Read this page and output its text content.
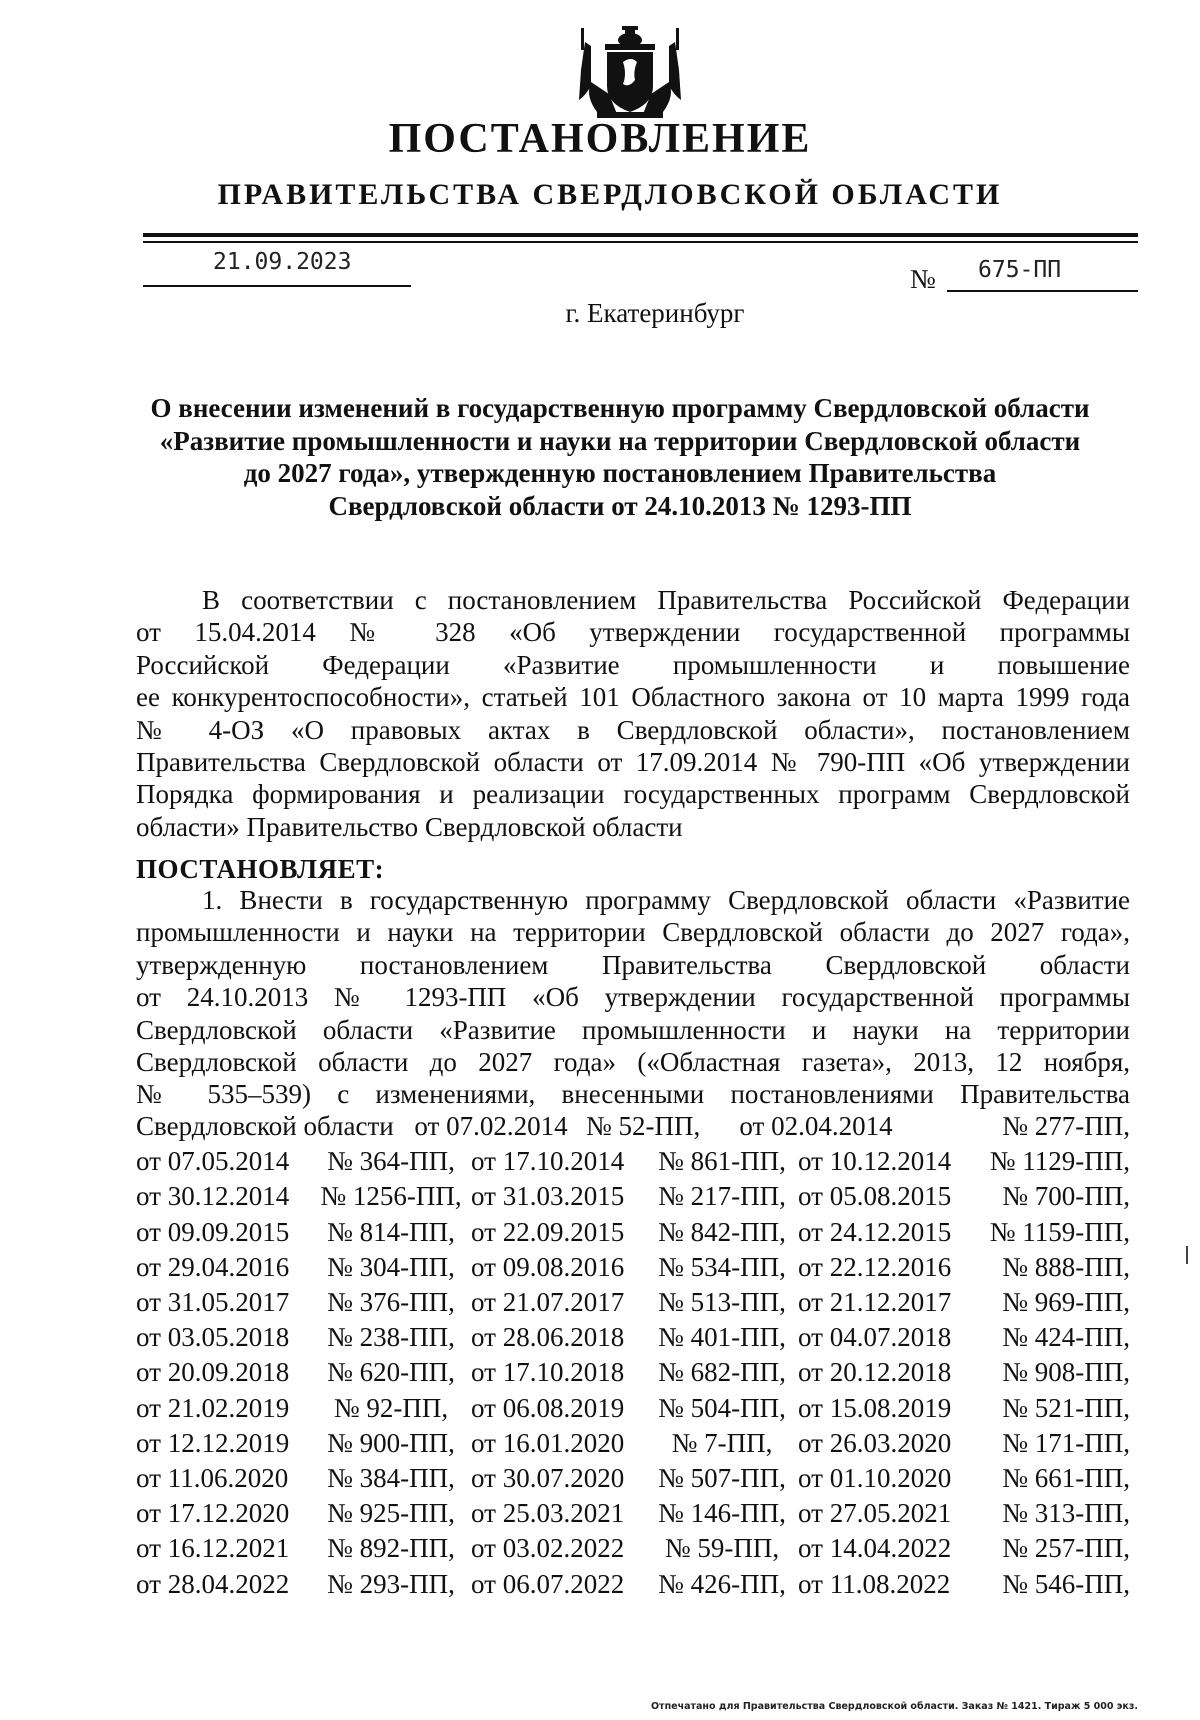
ПОСТАНОВЛЕНИЕ
ПРАВИТЕЛЬСТВА СВЕРДЛОВСКОЙ ОБЛАСТИ
21.09.2023
№ 675-ПП
г. Екатеринбург
О внесении изменений в государственную программу Свердловской области
«Развитие промышленности и науки на территории Свердловской области
до 2027 года», утвержденную постановлением Правительства
Свердловской области от 24.10.2013 № 1293-ПП

В соответствии с постановлением Правительства Российской Федерации

от 15.04.2014 № 328 «Об утверждении государственной программы

Российской Федерации «Развитие промышленности и повышение

ее конкурентоспособности», статьей 101 Областного закона от 10 марта 1999 года

№ 4-ОЗ «О правовых актах в Свердловской области», постановлением

Правительства Свердловской области от 17.09.2014 № 790-ПП «Об утверждении

Порядка формирования и реализации государственных программ Свердловской

области» Правительство Свердловской области

ПОСТАНОВЛЯЕТ:

1. Внести в государственную программу Свердловской области «Развитие

промышленности и науки на территории Свердловской области до 2027 года»,

утвержденную постановлением Правительства Свердловской области

от 24.10.2013 № 1293-ПП «Об утверждении государственной программы

Свердловской области «Развитие промышленности и науки на территории

Свердловской области до 2027 года» («Областная газета», 2013, 12 ноября,

№ 535–539) с изменениями, внесенными постановлениями Правительства

Свердловской области от 07.02.2014 № 52-ПП,	от 02.04.2014	№ 277-ПП,
от 07.05.2014	№ 364-ПП, от 17.10.2014	№ 861-ПП, от 10.12.2014	№ 1129-ПП,
от 30.12.2014	№ 1256-ПП, от 31.03.2015	№ 217-ПП, от 05.08.2015	№ 700-ПП,
от 09.09.2015	№ 814-ПП, от 22.09.2015	№ 842-ПП, от 24.12.2015	№ 1159-ПП,
от 29.04.2016	№ 304-ПП, от 09.08.2016	№ 534-ПП, от 22.12.2016	№ 888-ПП,
от 31.05.2017	№ 376-ПП, от 21.07.2017	№ 513-ПП, от 21.12.2017	№ 969-ПП,
от 03.05.2018	№ 238-ПП, от 28.06.2018	№ 401-ПП, от 04.07.2018	№ 424-ПП,
от 20.09.2018	№ 620-ПП, от 17.10.2018	№ 682-ПП, от 20.12.2018	№ 908-ПП,
от 21.02.2019	№ 92-ПП, от 06.08.2019	№ 504-ПП, от 15.08.2019	№ 521-ПП,
от 12.12.2019	№ 900-ПП, от 16.01.2020	№ 7-ПП, от 26.03.2020	№ 171-ПП,
от 11.06.2020	№ 384-ПП, от 30.07.2020	№ 507-ПП, от 01.10.2020	№ 661-ПП,
от 17.12.2020	№ 925-ПП, от 25.03.2021	№ 146-ПП, от 27.05.2021	№ 313-ПП,
от 16.12.2021	№ 892-ПП, от 03.02.2022	№ 59-ПП, от 14.04.2022	№ 257-ПП,
от 28.04.2022	№ 293-ПП, от 06.07.2022	№ 426-ПП, от 11.08.2022	№ 546-ПП,
Отпечатано для Правительства Свердловской области. Заказ № 1421. Тираж 5 000 экз.
